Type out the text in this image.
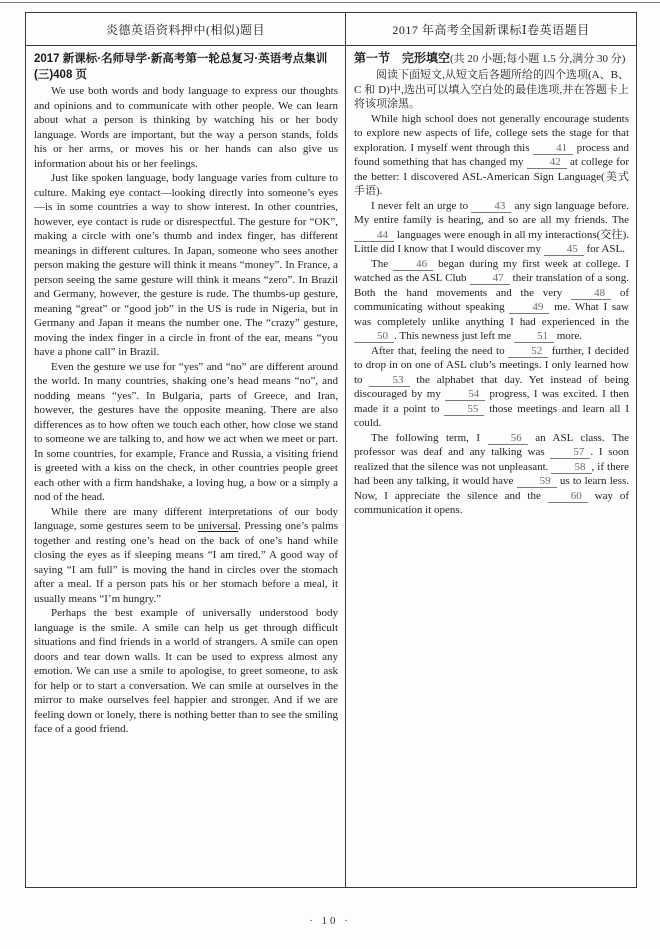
炎德英语资料押中(相似)题目	2017 年高考全国新课标Ⅰ卷英语题目
2017 新课标·名师导学·新高考第一轮总复习·英语考点集训(三)408 页

We use both words and body language to express our thoughts and opinions and to communicate with other people. We can learn about what a person is thinking by watching his or her body language. Words are important, but the way a person stands, folds his or her arms, or moves his or her hands can also give us information about his or her feelings.

Just like spoken language, body language varies from culture to culture. Making eye contact—looking directly into someone’s eyes—is in some countries a way to show interest. In other countries, however, eye contact is rude or disrespectful. The gesture for “OK”, making a circle with one’s thumb and index finger, has different meanings in different cultures. In Japan, someone who sees another person making the gesture will think it means “money”. In France, a person seeing the same gesture will think it means “zero”. In Brazil and Germany, however, the gesture is rude. The thumbs-up gesture, meaning “great” or “good job” in the US is rude in Nigeria, but in Germany and Japan it means the number one. The “crazy” gesture, moving the index finger in a circle in front of the ear, means “you have a phone call” in Brazil.

Even the gesture we use for “yes” and “no” are different around the world. In many countries, shaking one’s head means “no”, and nodding means “yes”. In Bulgaria, parts of Greece, and Iran, however, the gestures have the opposite meaning. There are also differences as to how often we touch each other, how close we stand to someone we are talking to, and how we act when we meet or part. In some countries, for example, France and Russia, a visiting friend is greeted with a kiss on the check, in other countries people greet each other with a firm handshake, a loving hug, a bow or a simply a nod of the head.

While there are many different interpretations of our body language, some gestures seem to be universal. Pressing one’s palms together and resting one’s head on the back of one’s hand while closing the eyes as if sleeping means “I am tired.” A good way of saying “I am full” is moving the hand in circles over the stomach after a meal. If a person pats his or her stomach before a meal, it usually means “I’m hungry.”

Perhaps the best example of universally understood body language is the smile. A smile can help us get through difficult situations and find friends in a world of strangers. A smile can open doors and tear down walls. It can be used to express almost any emotion. We can use a smile to apologise, to greet someone, to ask for help or to start a conversation. We can smile at ourselves in the mirror to make ourselves feel happier and stronger. And if we are feeling down or lonely, there is nothing better than to see the smiling face of a good friend.

第一节　完形填空(共 20 小题;每小题 1.5 分,满分 30 分)

阅读下面短文,从短文后各题所给的四个选项(A、B、C 和 D)中,选出可以填入空白处的最佳选项,并在答题卡上将该项涂黑。

While high school does not generally encourage students to explore new aspects of life, college sets the stage for that exploration. I myself went through this 41 process and found something that has changed my 42 at college for the better: I discovered ASL-American Sign Language(美式手语).

I never felt an urge to 43 any sign language before. My entire family is hearing, and so are all my friends. The 44 languages were enough in all my interactions(交往). Little did I know that I would discover my 45 for ASL.

The 46 began during my first week at college. I watched as the ASL Club 47 their translation of a song. Both the hand movements and the very 48 of communicating without speaking 49 me. What I saw was completely unlike anything I had experienced in the 50 . This newness just left me 51 more.

After that, feeling the need to 52 further, I decided to drop in on one of ASL club’s meetings. I only learned how to 53 the alphabet that day. Yet instead of being discouraged by my 54 progress, I was excited. I then made it a point to 55 those meetings and learn all I could.

The following term, I 56 an ASL class. The professor was deaf and any talking was 57 . I soon realized that the silence was not unpleasant. 58 , if there had been any talking, it would have 59 us to learn less. Now, I appreciate the silence and the 60 way of communication it opens.

· 10 ·
